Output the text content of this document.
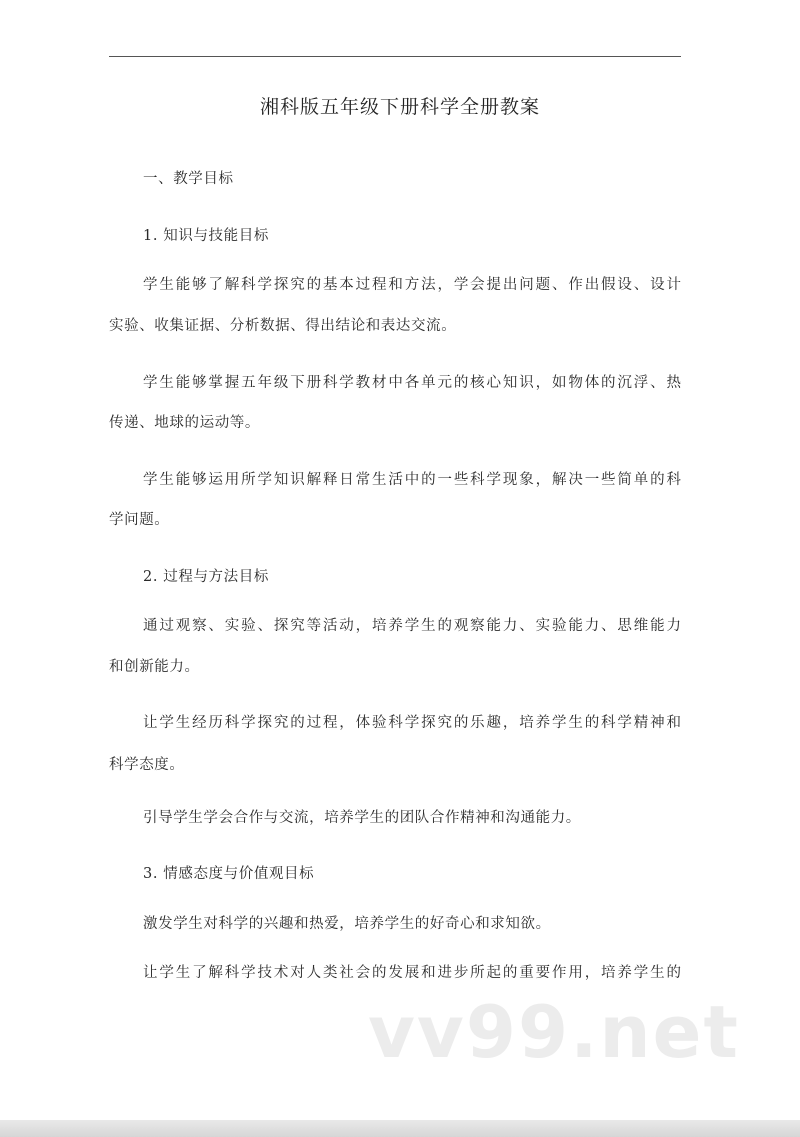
湘科版五年级下册科学全册教案
一、教学目标
1. 知识与技能目标
学生能够了解科学探究的基本过程和方法，学会提出问题、作出假设、设计
实验、收集证据、分析数据、得出结论和表达交流。
学生能够掌握五年级下册科学教材中各单元的核心知识，如物体的沉浮、热
传递、地球的运动等。
学生能够运用所学知识解释日常生活中的一些科学现象，解决一些简单的科
学问题。
2. 过程与方法目标
通过观察、实验、探究等活动，培养学生的观察能力、实验能力、思维能力
和创新能力。
让学生经历科学探究的过程，体验科学探究的乐趣，培养学生的科学精神和
科学态度。
引导学生学会合作与交流，培养学生的团队合作精神和沟通能力。
3. 情感态度与价值观目标
激发学生对科学的兴趣和热爱，培养学生的好奇心和求知欲。
让学生了解科学技术对人类社会的发展和进步所起的重要作用，培养学生的
vv99.net
